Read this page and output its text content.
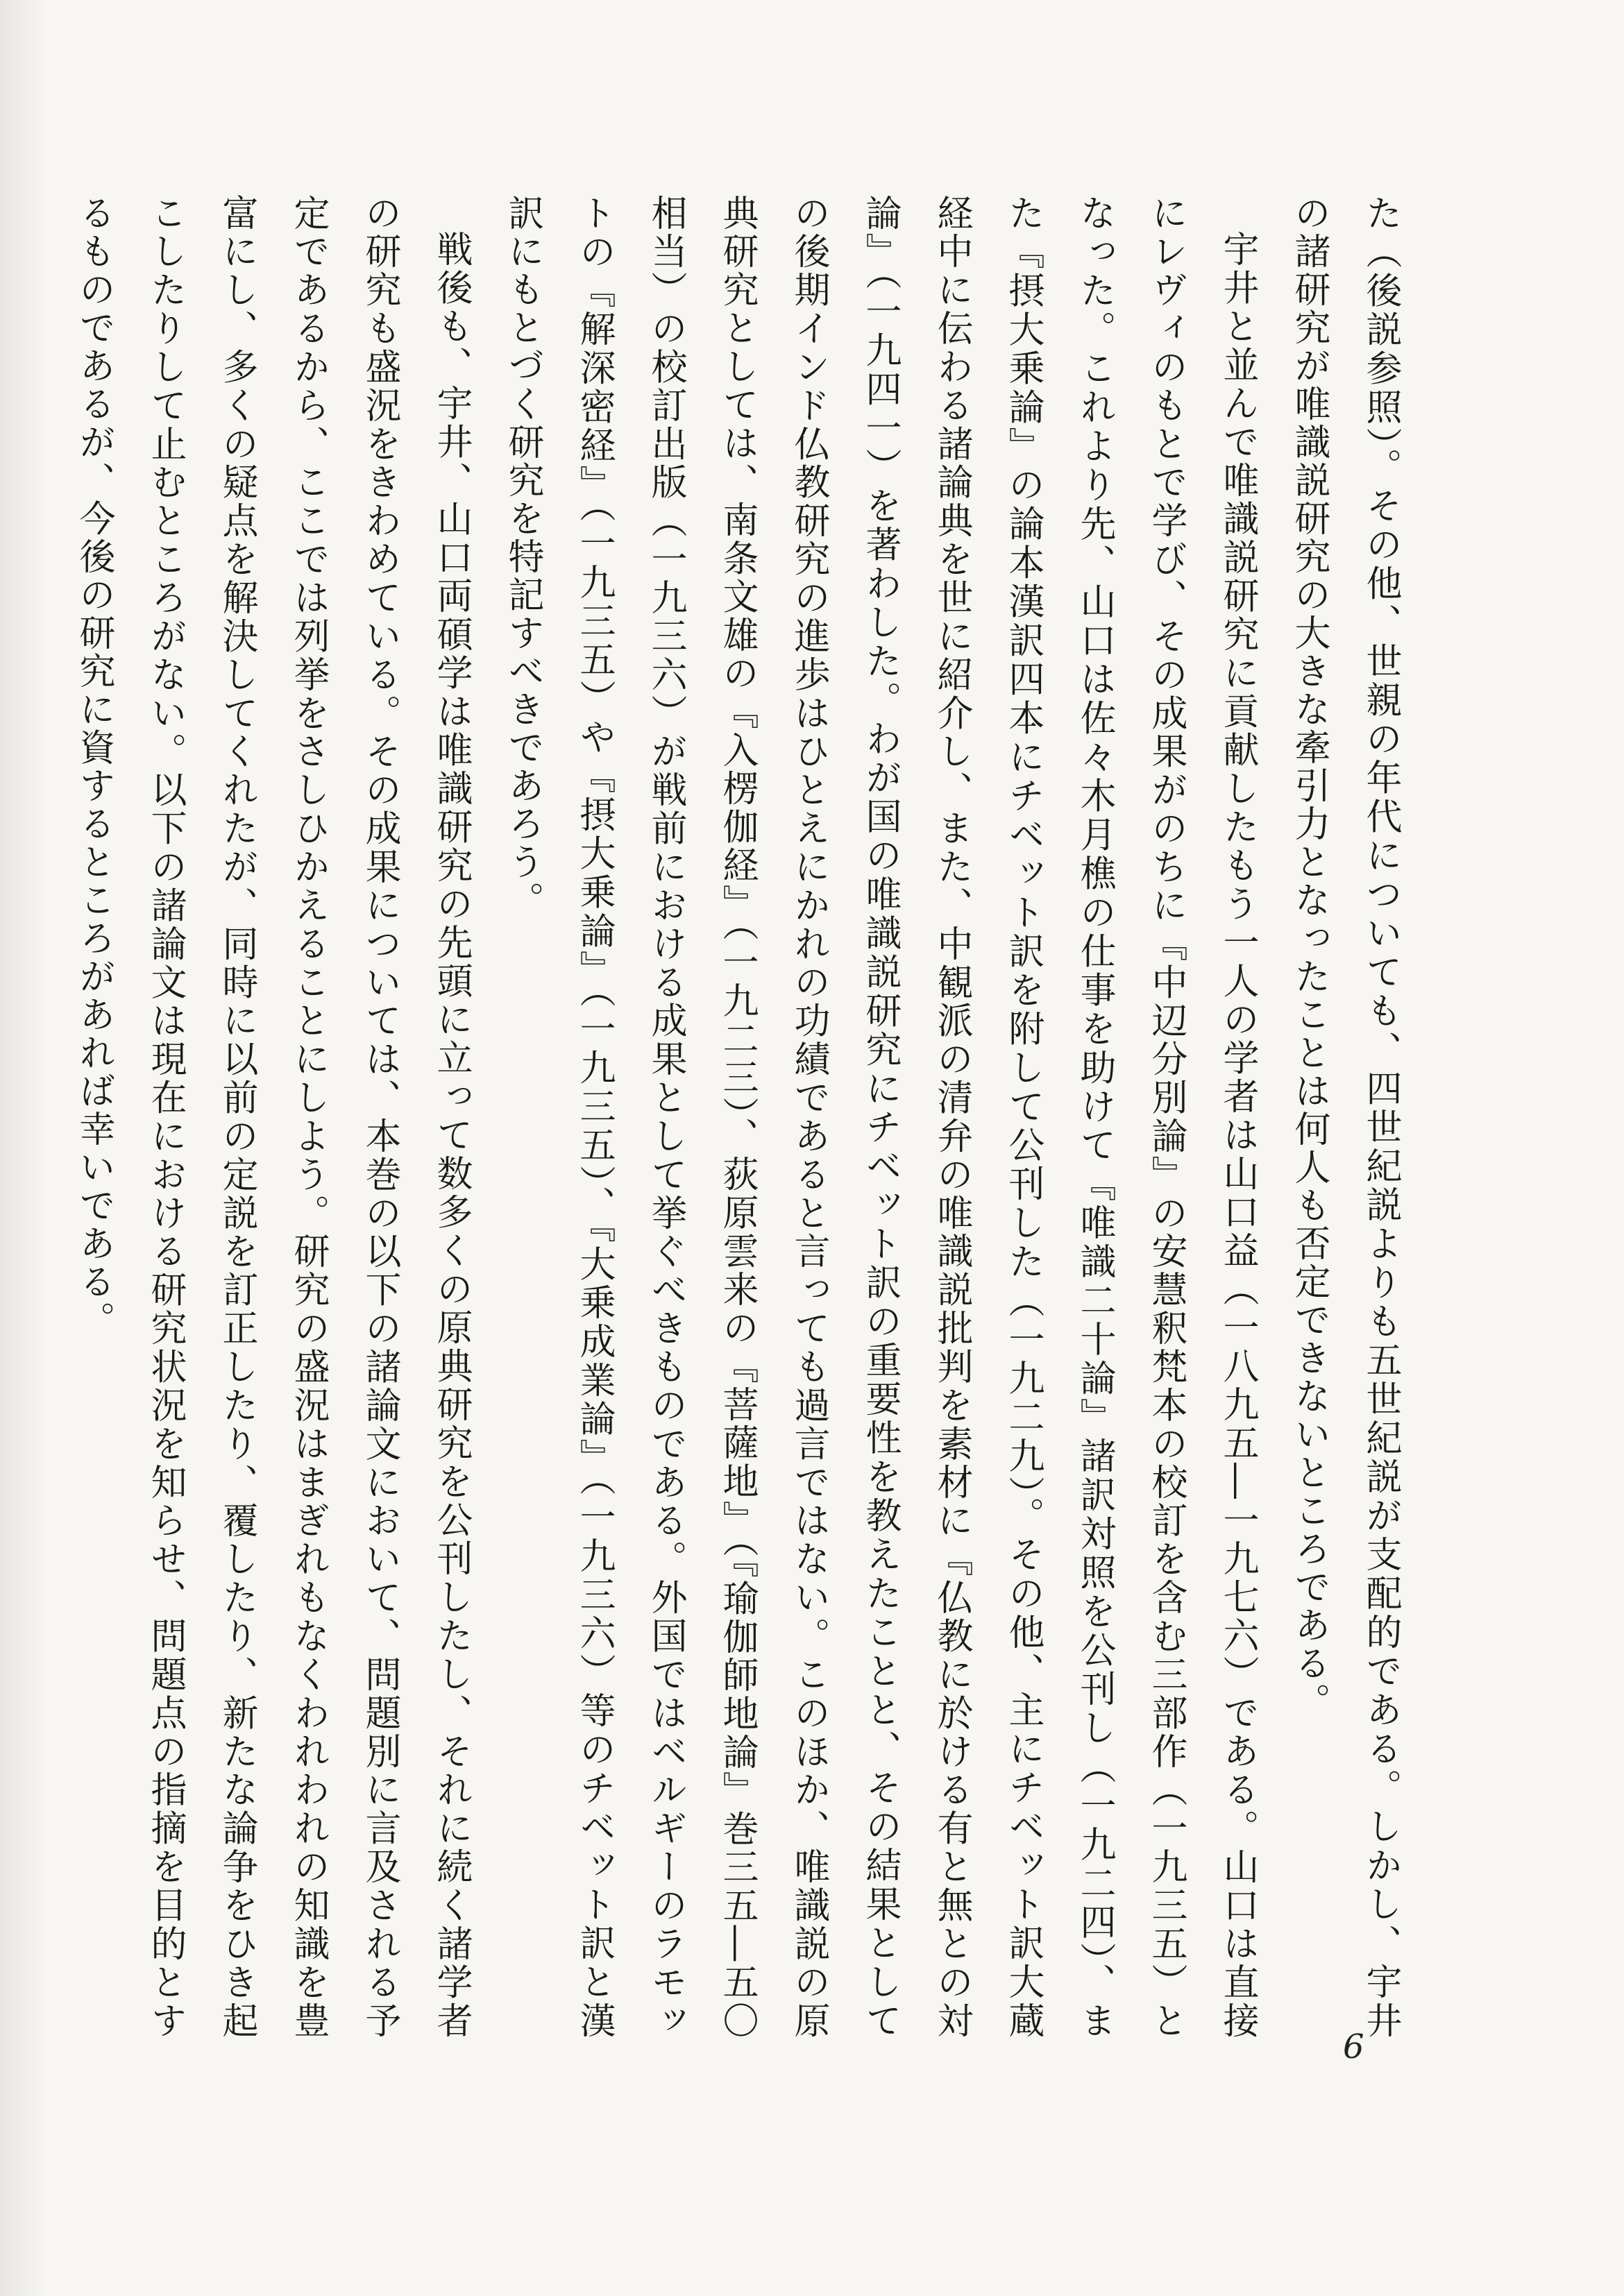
た（後説参照）。その他、世親の年代についても、四世紀説よりも五世紀説が支配的である。しかし、宇井の諸研究が唯識説研究の大きな牽引力となったことは何人も否定できないところである。

宇井と並んで唯識説研究に貢献したもう一人の学者は山口益（一八九五―一九七六）である。山口は直接にレヴィのもとで学び、その成果がのちに『中辺分別論』の安慧釈梵本の校訂を含む三部作（一九三五）となった。これより先、山口は佐々木月樵の仕事を助けて『唯識二十論』諸訳対照を公刊し（一九二四）、また『摂大乗論』の論本漢訳四本にチベット訳を附して公刊した（一九二九）。その他、主にチベット訳大蔵経中に伝わる諸論典を世に紹介し、また、中観派の清弁の唯識説批判を素材に『仏教に於ける有と無との対論』（一九四一）を著わした。わが国の唯識説研究にチベット訳の重要性を教えたことと、その結果としての後期インド仏教研究の進歩はひとえにかれの功績であると言っても過言ではない。このほか、唯識説の原典研究としては、南条文雄の『入楞伽経』（一九二三）、荻原雲来の『菩薩地』（『瑜伽師地論』巻三五―五〇相当）の校訂出版（一九三六）が戦前における成果として挙ぐべきものである。外国ではベルギーのラモットの『解深密経』（一九三五）や『摂大乗論』（一九三五）、『大乗成業論』（一九三六）等のチベット訳と漢訳にもとづく研究を特記すべきであろう。

戦後も、宇井、山口両碩学は唯識研究の先頭に立って数多くの原典研究を公刊したし、それに続く諸学者の研究も盛況をきわめている。その成果については、本巻の以下の諸論文において、問題別に言及される予定であるから、ここでは列挙をさしひかえることにしよう。研究の盛況はまぎれもなくわれわれの知識を豊富にし、多くの疑点を解決してくれたが、同時に以前の定説を訂正したり、覆したり、新たな論争をひき起こしたりして止むところがない。以下の諸論文は現在における研究状況を知らせ、問題点の指摘を目的とするものであるが、今後の研究に資するところがあれば幸いである。

6
